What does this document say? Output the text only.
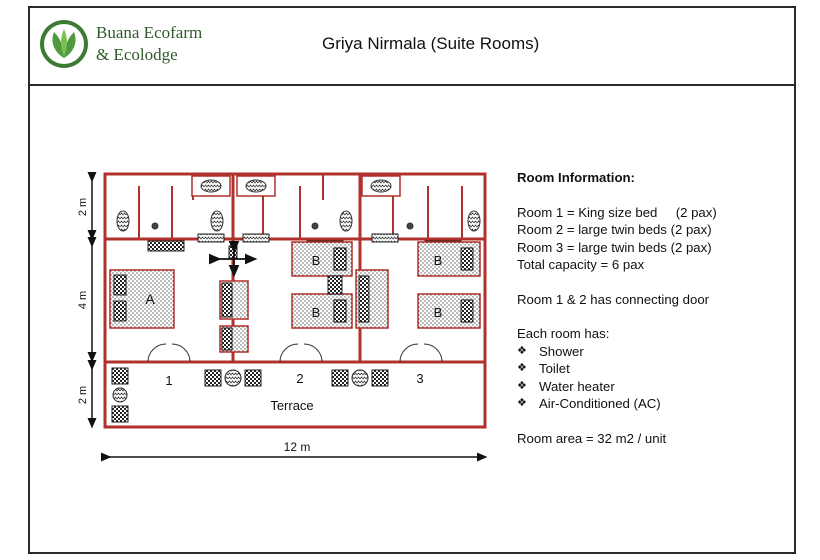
Buana Ecofarm
& Ecolodge
Griya Nirmala (Suite Rooms)
A
B
B
B
B
1	2	3
Terrace
12 m
2 m
4 m
2 m
Room Information:
Room 1 = King size bed     (2 pax)
Room 2 = large twin beds (2 pax)
Room 3 = large twin beds (2 pax)
Total capacity = 6 pax
Room 1 & 2 has connecting door
Each room has:
❖ Shower
❖ Toilet
❖ Water heater
❖ Air-Conditioned (AC)
Room area = 32 m2 / unit
